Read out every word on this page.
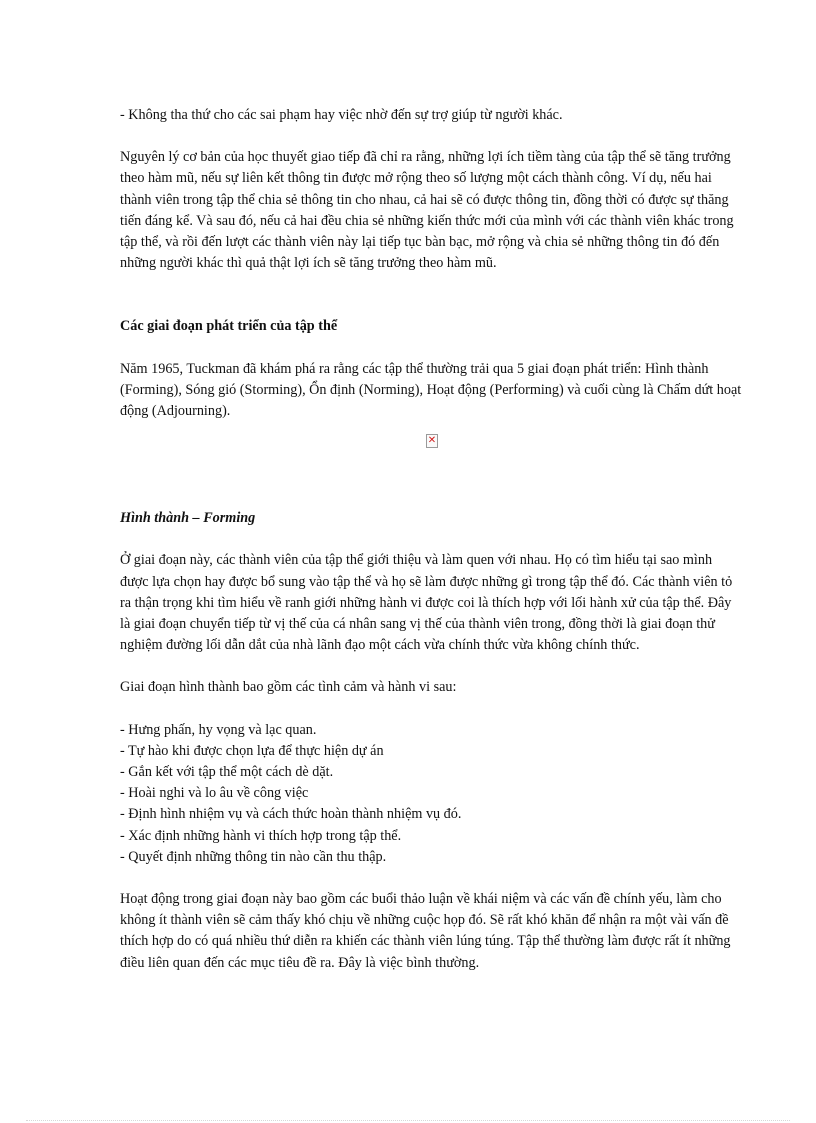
- Không tha thứ cho các sai phạm hay việc nhờ đến sự trợ giúp từ người khác.

Nguyên lý cơ bản của học thuyết giao tiếp đã chỉ ra rằng, những lợi ích tiềm tàng của tập thể sẽ tăng trưởng theo hàm mũ, nếu sự liên kết thông tin được mở rộng theo số lượng một cách thành công. Ví dụ, nếu hai thành viên trong tập thể chia sẻ thông tin cho nhau, cả hai sẽ có được thông tin, đồng thời có được sự thăng tiến đáng kể. Và sau đó, nếu cả hai đều chia sẻ những kiến thức mới của mình với các thành viên khác trong tập thể, và rồi đến lượt các thành viên này lại tiếp tục bàn bạc, mở rộng và chia sẻ những thông tin đó đến những người khác thì quả thật lợi ích sẽ tăng trưởng theo hàm mũ.

Các giai đoạn phát triển của tập thể

Năm 1965, Tuckman đã khám phá ra rằng các tập thể thường trải qua 5 giai đoạn phát triển: Hình thành (Forming), Sóng gió (Storming), Ổn định (Norming), Hoạt động (Performing) và cuối cùng là Chấm dứt hoạt động (Adjourning).

✕

Hình thành – Forming

Ở giai đoạn này, các thành viên của tập thể giới thiệu và làm quen với nhau. Họ có tìm hiểu tại sao mình được lựa chọn hay được bổ sung vào tập thể và họ sẽ làm được những gì trong tập thể đó. Các thành viên tỏ ra thận trọng khi tìm hiểu về ranh giới những hành vi được coi là thích hợp với lối hành xử của tập thể. Đây là giai đoạn chuyển tiếp từ vị thế của cá nhân sang vị thế của thành viên trong, đồng thời là giai đoạn thử nghiệm đường lối dẫn dắt của nhà lãnh đạo một cách vừa chính thức vừa không chính thức.

Giai đoạn hình thành bao gồm các tình cảm và hành vi sau:

- Hưng phấn, hy vọng và lạc quan.
- Tự hào khi được chọn lựa để thực hiện dự án
- Gắn kết với tập thể một cách dè dặt.
- Hoài nghi và lo âu về công việc
- Định hình nhiệm vụ và cách thức hoàn thành nhiệm vụ đó.
- Xác định những hành vi thích hợp trong tập thể.
- Quyết định những thông tin nào cần thu thập.

Hoạt động trong giai đoạn này bao gồm các buổi thảo luận về khái niệm và các vấn đề chính yếu, làm cho không ít thành viên sẽ cảm thấy khó chịu về những cuộc họp đó. Sẽ rất khó khăn để nhận ra một vài vấn đề thích hợp do có quá nhiều thứ diễn ra khiến các thành viên lúng túng. Tập thể thường làm được rất ít những điều liên quan đến các mục tiêu đề ra. Đây là việc bình thường.
